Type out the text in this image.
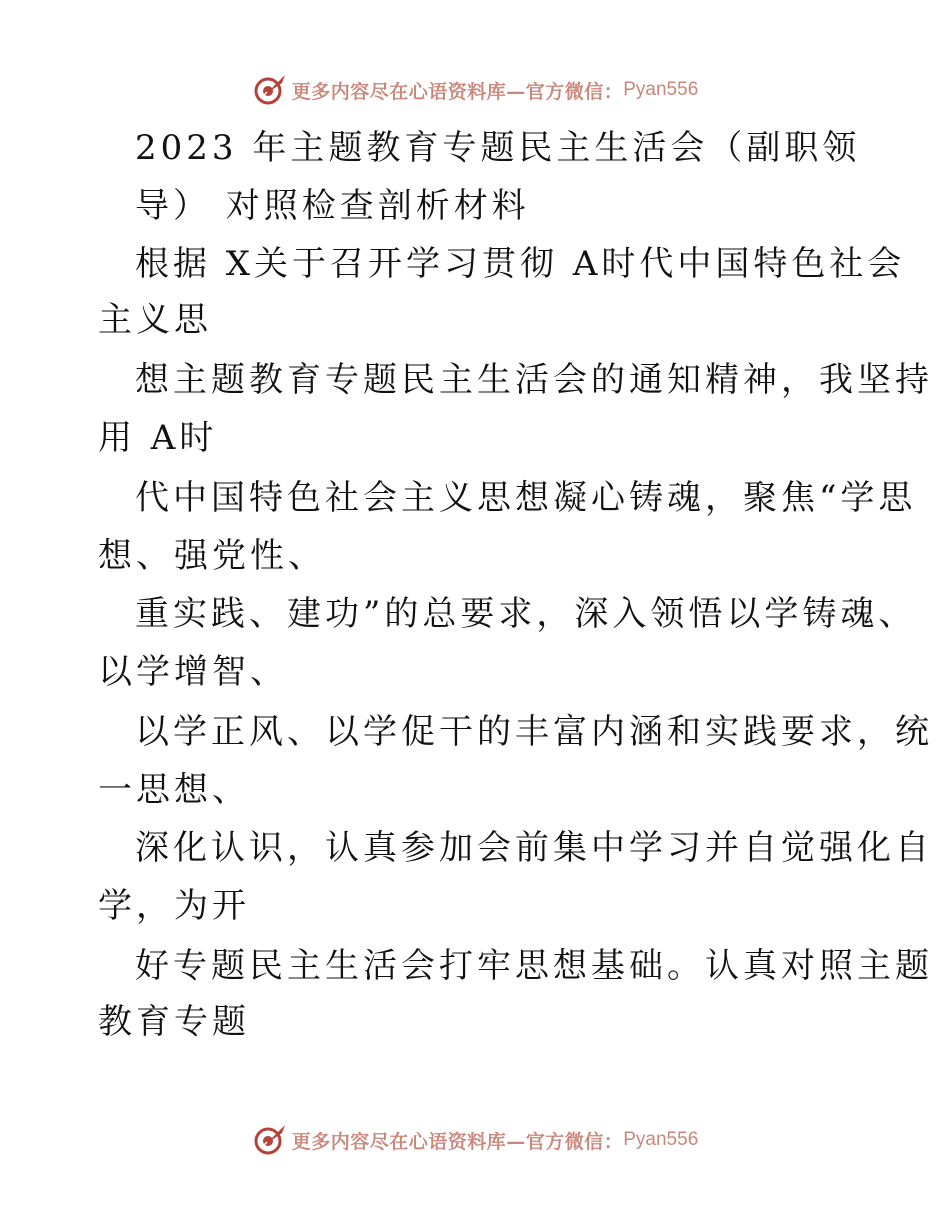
更多内容尽在心语资料库—官方微信： Pyan556
2023 年主题教育专题民主生活会（副职领
导） 对照检查剖析材料
根据 X关于召开学习贯彻 A时代中国特色社会
主义思
想主题教育专题民主生活会的通知精神，我坚持
用 A时
代中国特色社会主义思想凝心铸魂，聚焦“学思
想、强党性、
重实践、建功”的总要求，深入领悟以学铸魂、
以学增智、
以学正风、以学促干的丰富内涵和实践要求，统
一思想、
深化认识，认真参加会前集中学习并自觉强化自
学，为开
好专题民主生活会打牢思想基础。认真对照主题
教育专题
更多内容尽在心语资料库—官方微信： Pyan556
